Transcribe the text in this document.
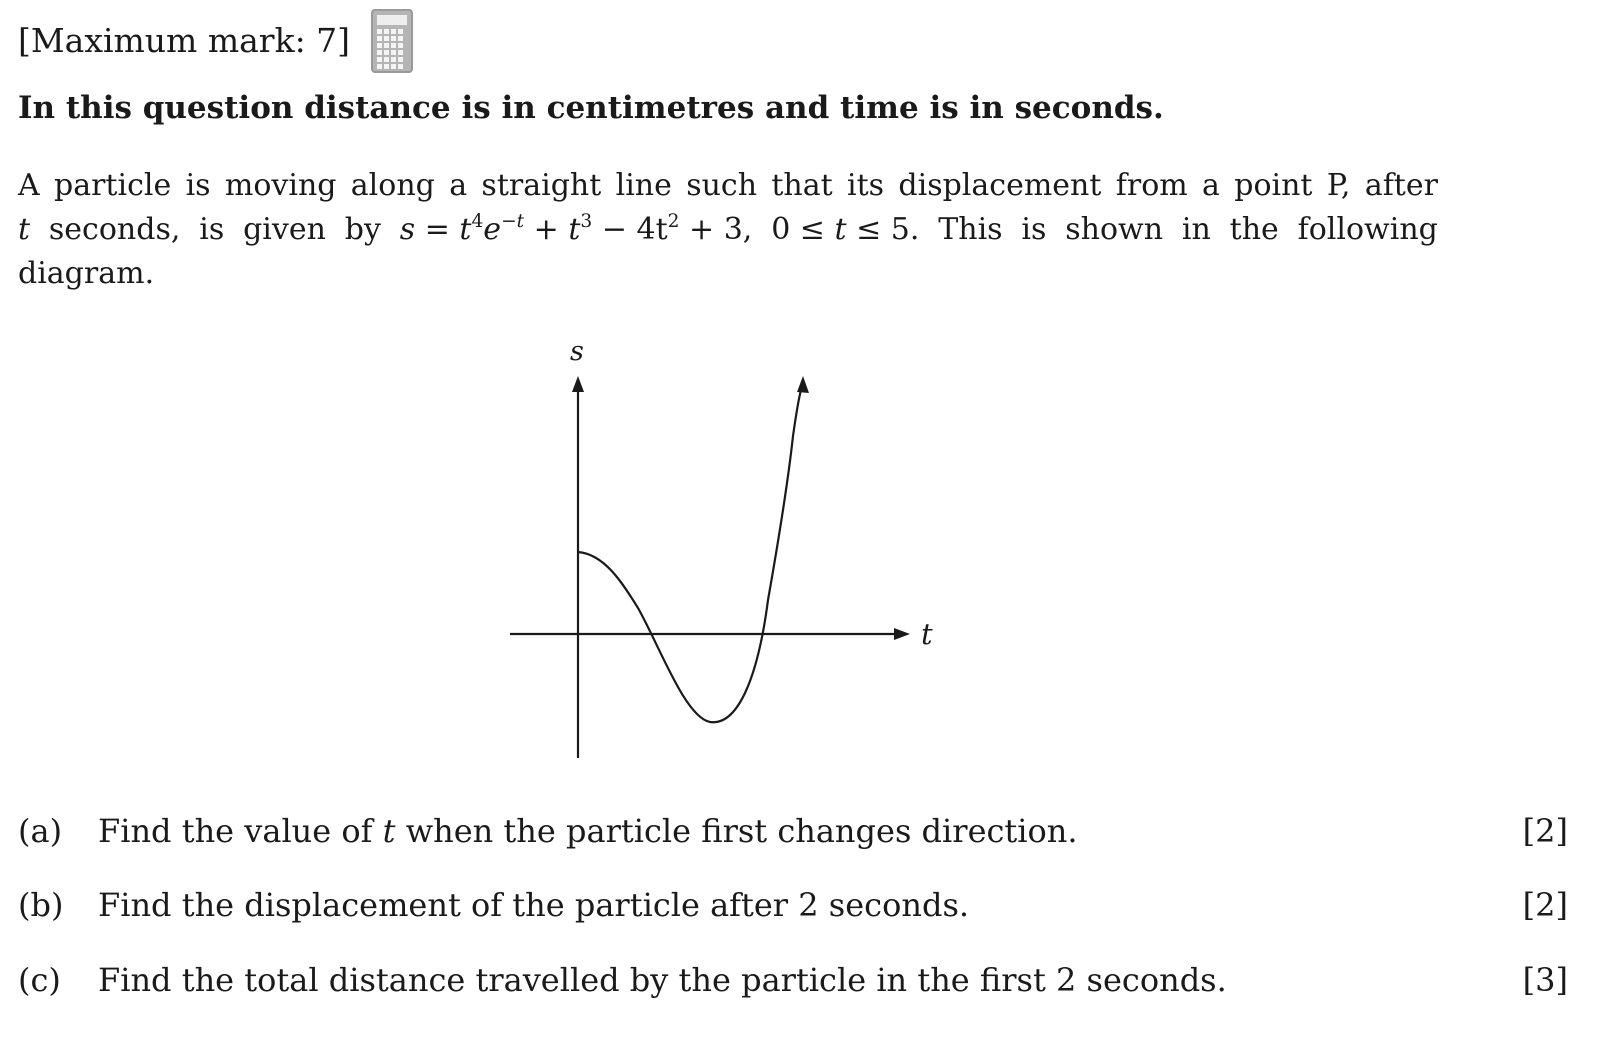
[Maximum mark: 7]
In this question distance is in centimetres and time is in seconds.
A particle is moving along a straight line such that its displacement from a point P, after
t seconds, is given by $s = t^4e^{-t} + t^3 - 4t^2 + 3$, 0 ≤ t ≤ 5. This is shown in the following
diagram.
s
t
(a) Find the value of t when the particle first changes direction.	[2]
(b) Find the displacement of the particle after 2 seconds.	[2]
(c) Find the total distance travelled by the particle in the first 2 seconds.	[3]
